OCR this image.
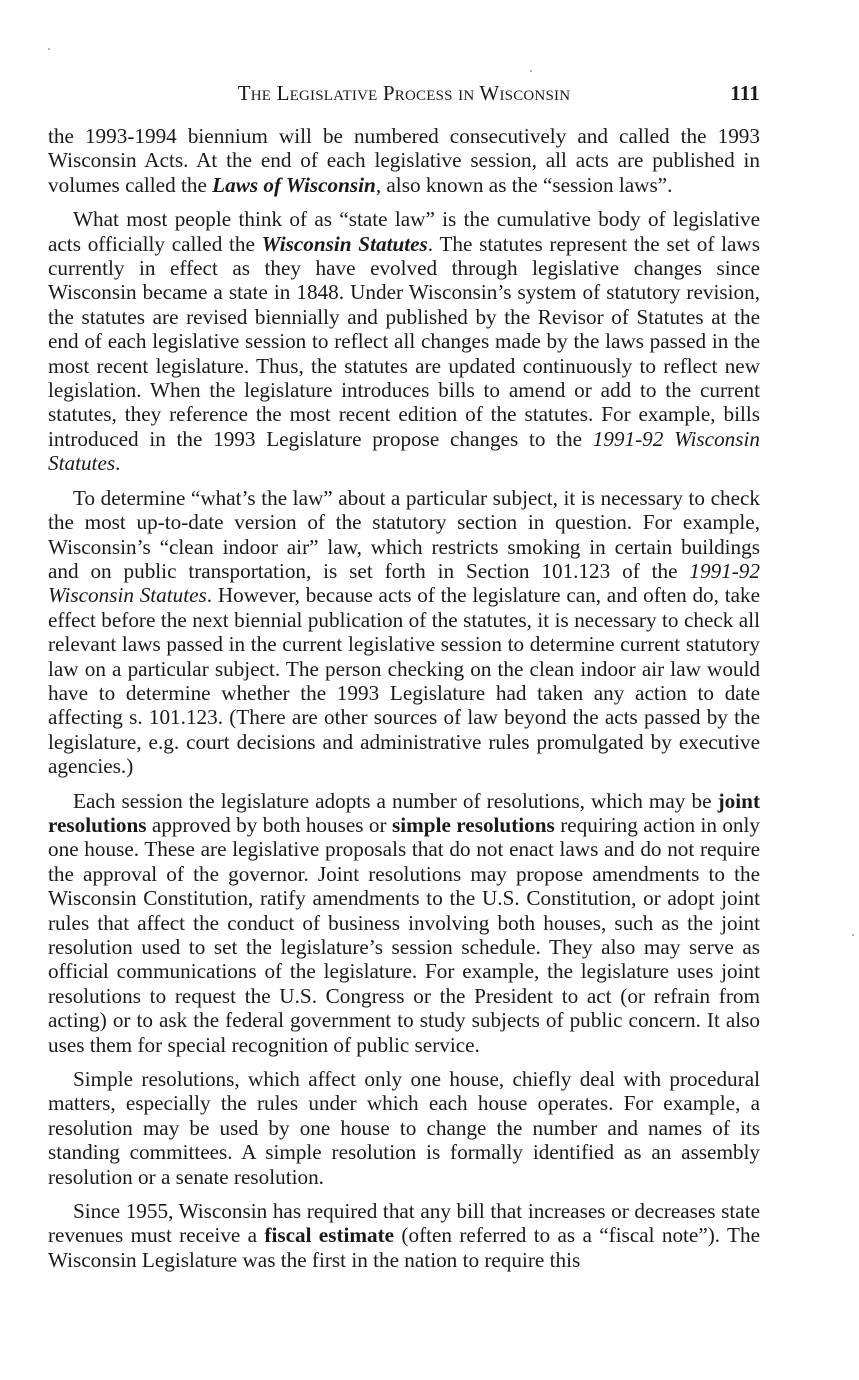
The Legislative Process in Wisconsin	111

the 1993-1994 biennium will be numbered consecutively and called the 1993 Wisconsin Acts. At the end of each legislative session, all acts are published in volumes called the Laws of Wisconsin, also known as the “session laws”.

What most people think of as “state law” is the cumulative body of legislative acts officially called the Wisconsin Statutes. The statutes represent the set of laws currently in effect as they have evolved through legislative changes since Wisconsin became a state in 1848. Under Wisconsin’s system of statutory revision, the statutes are revised biennially and published by the Revisor of Statutes at the end of each legislative session to reflect all changes made by the laws passed in the most recent legislature. Thus, the statutes are updated continuously to reflect new legislation. When the legislature introduces bills to amend or add to the current statutes, they reference the most recent edition of the statutes. For example, bills introduced in the 1993 Legislature propose changes to the 1991-92 Wisconsin Statutes.

To determine “what’s the law” about a particular subject, it is necessary to check the most up-to-date version of the statutory section in question. For example, Wisconsin’s “clean indoor air” law, which restricts smoking in certain buildings and on public transportation, is set forth in Section 101.123 of the 1991-92 Wisconsin Statutes. However, because acts of the legislature can, and often do, take effect before the next biennial publication of the statutes, it is necessary to check all relevant laws passed in the current legislative session to determine current statutory law on a particular subject. The person checking on the clean indoor air law would have to determine whether the 1993 Legislature had taken any action to date affecting s. 101.123. (There are other sources of law beyond the acts passed by the legislature, e.g. court decisions and administrative rules promulgated by executive agencies.)

Each session the legislature adopts a number of resolutions, which may be joint resolutions approved by both houses or simple resolutions requiring action in only one house. These are legislative proposals that do not enact laws and do not require the approval of the governor. Joint resolutions may propose amendments to the Wisconsin Constitution, ratify amendments to the U.S. Constitution, or adopt joint rules that affect the conduct of business involving both houses, such as the joint resolution used to set the legislature’s session schedule. They also may serve as official communications of the legislature. For example, the legislature uses joint resolutions to request the U.S. Congress or the President to act (or refrain from acting) or to ask the federal government to study subjects of public concern. It also uses them for special recognition of public service.

Simple resolutions, which affect only one house, chiefly deal with procedural matters, especially the rules under which each house operates. For example, a resolution may be used by one house to change the number and names of its standing committees. A simple resolution is formally identified as an assembly resolution or a senate resolution.

Since 1955, Wisconsin has required that any bill that increases or decreases state revenues must receive a fiscal estimate (often referred to as a “fiscal note”). The Wisconsin Legislature was the first in the nation to require this
